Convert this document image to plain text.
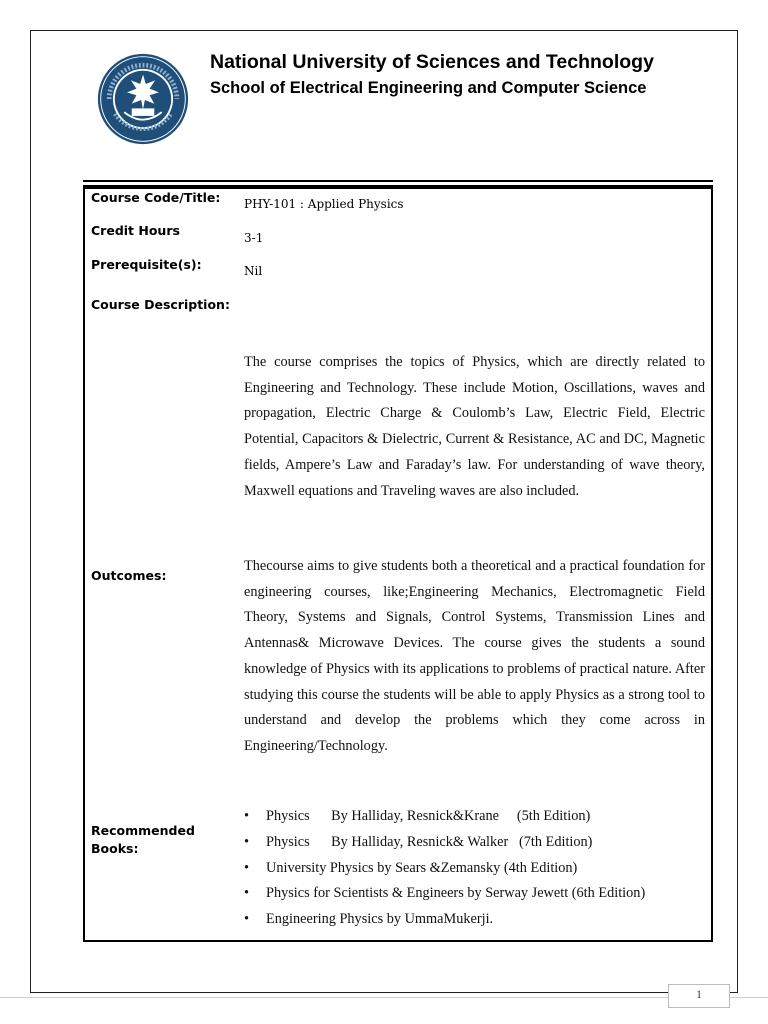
National University of Sciences and Technology
School of Electrical Engineering and Computer Science
Course Code/Title: PHY-101 : Applied Physics
Credit Hours	3-1
Prerequisite(s):	Nil
Course Description:
The course comprises the topics of Physics, which are directly related to Engineering and Technology. These include Motion, Oscillations, waves and propagation, Electric Charge & Coulomb’s Law, Electric Field, Electric Potential, Capacitors & Dielectric, Current & Resistance, AC and DC, Magnetic fields, Ampere’s Law and Faraday’s law. For understanding of wave theory, Maxwell equations and Traveling waves are also included.
Outcomes:
Thecourse aims to give students both a theoretical and a practical foundation for engineering courses, like;Engineering Mechanics, Electromagnetic Field Theory, Systems and Signals, Control Systems, Transmission Lines and Antennas& Microwave Devices. The course gives the students a sound knowledge of Physics with its applications to problems of practical nature. After studying this course the students will be able to apply Physics as a strong tool to understand and develop the problems which they come across in Engineering/Technology.
Recommended
Books:
• Physics      By Halliday, Resnick&Krane     (5th Edition)
• Physics      By Halliday, Resnick& Walker   (7th Edition)
• University Physics by Sears &Zemansky (4th Edition)
• Physics for Scientists & Engineers by Serway Jewett (6th Edition)
• Engineering Physics by UmmaMukerji.
1
